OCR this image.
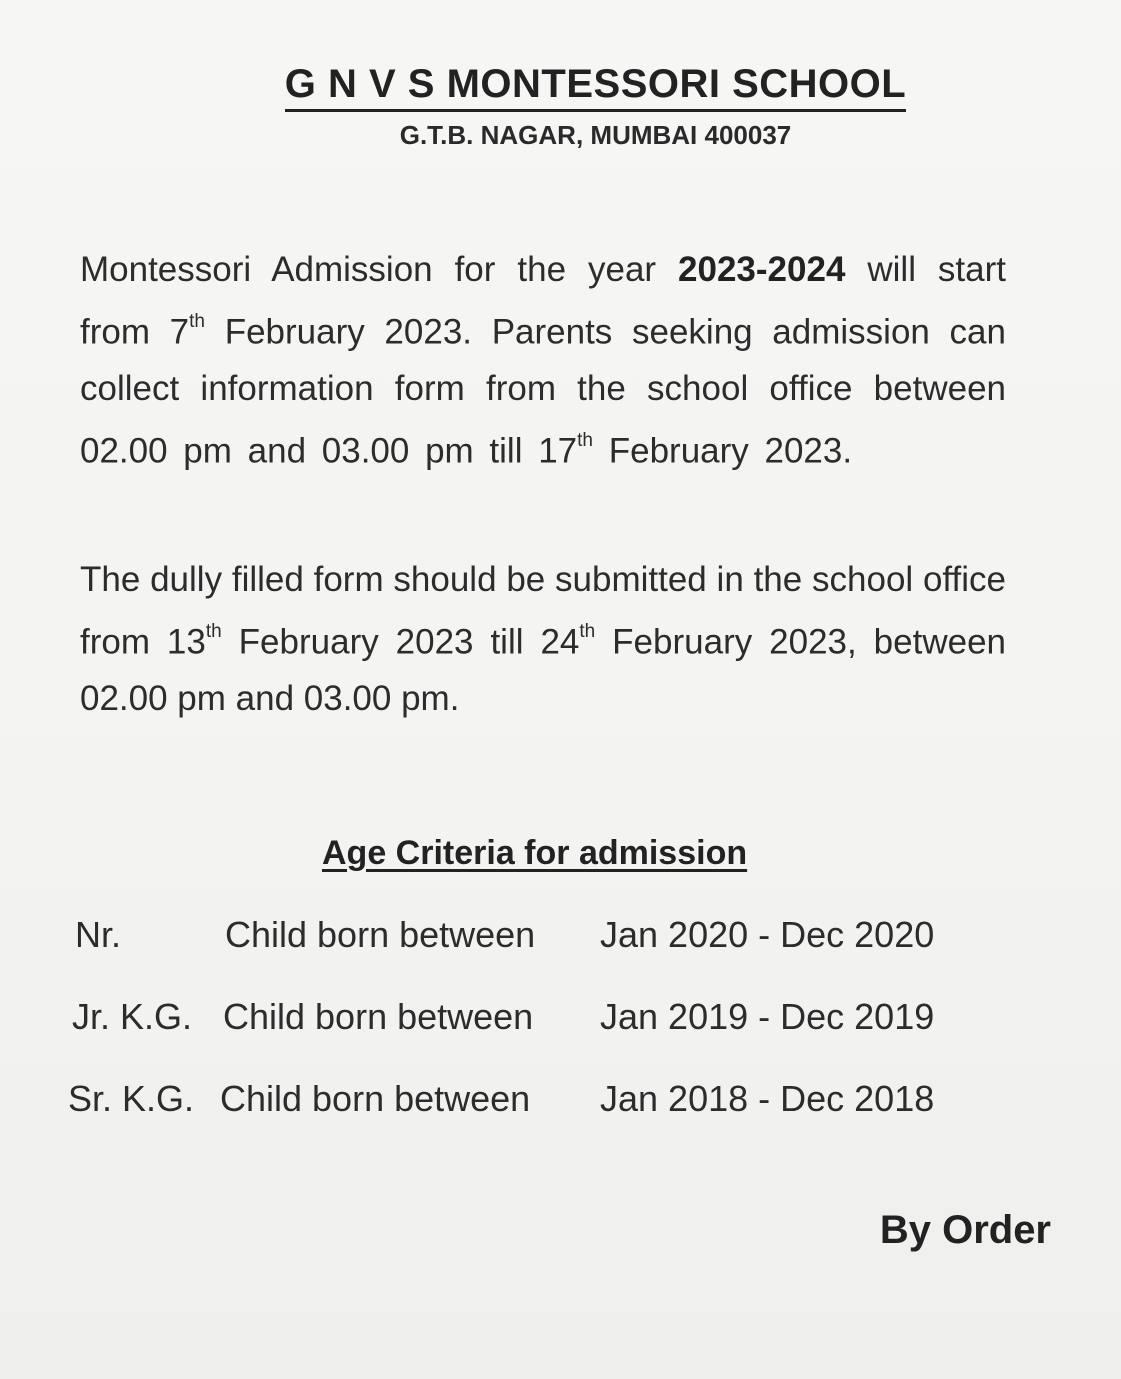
G N V S MONTESSORI SCHOOL
G.T.B. NAGAR, MUMBAI 400037
Montessori Admission for the year 2023-2024 will start from 7th February 2023. Parents seeking admission can collect information form from the school office between 02.00 pm and 03.00 pm till 17th February 2023.
The dully filled form should be submitted in the school office from 13th February 2023 till 24th February 2023, between 02.00 pm and 03.00 pm.
Age Criteria for admission
Nr.	Child born between Jan 2020 - Dec 2020
Jr. K.G. Child born between Jan 2019 - Dec 2019
Sr. K.G. Child born between Jan 2018 - Dec 2018
By Order
